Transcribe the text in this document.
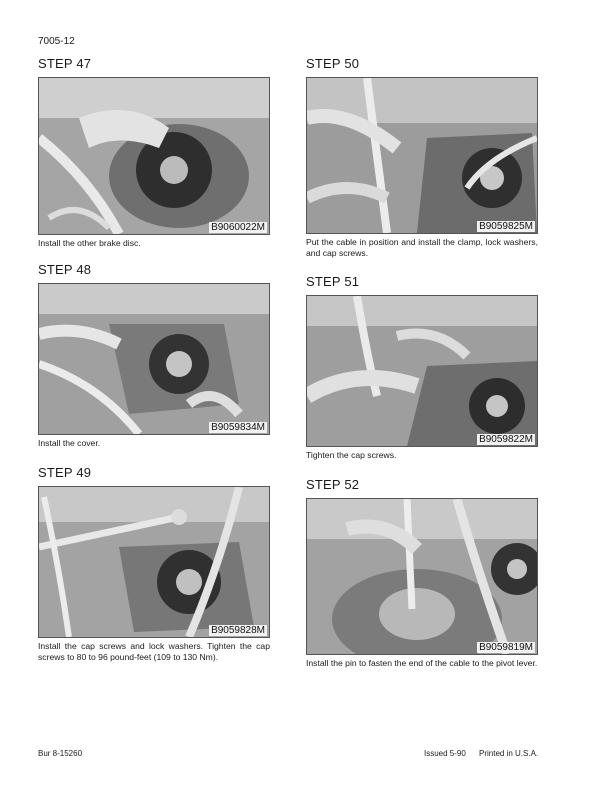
7005-12
STEP 47
B9060022M

Install the other brake disc.

STEP 48
B9059834M

Install the cover.

STEP 49
B9059828M

Install the cap screws and lock washers. Tighten the cap screws to 80 to 96 pound-feet (109 to 130 Nm).

STEP 50
B9059825M

Put the cable in position and install the clamp, lock washers, and cap screws.

STEP 51
B9059822M

Tighten the cap screws.

STEP 52
B9059819M

Install the pin to fasten the end of the cable to the pivot lever.

Bur 8-15260	Issued 5-90 Printed in U.S.A.
